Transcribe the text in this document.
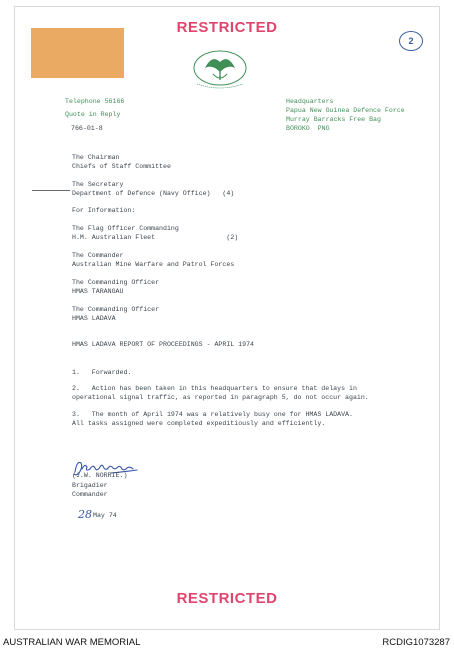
RESTRICTED
2
Telephone 56166
Quote in Reply
766-01-8
Headquarters
Papua New Guinea Defence Force
Murray Barracks Free Bag
BOROKO  PNG
The Chairman
Chiefs of Staff Committee
The Secretary
Department of Defence (Navy Office)   (4)
For Information:
The Flag Officer Commanding
H.M. Australian Fleet                  (2)
The Commander
Australian Mine Warfare and Patrol Forces
The Commanding Officer
HMAS TARANGAU
The Commanding Officer
HMAS LADAVA
HMAS LADAVA REPORT OF PROCEEDINGS - APRIL 1974
1.   Forwarded.
2.   Action has been taken in this headquarters to ensure that delays in
operational signal traffic, as reported in paragraph 5, do not occur again.
3.   The month of April 1974 was a relatively busy one for HMAS LADAVA.
All tasks assigned were completed expeditiously and efficiently.
(J.W. NORRIE.)
Brigadier
Commander
28 May 74
RESTRICTED
AUSTRALIAN WAR MEMORIAL	RCDIG1073287
